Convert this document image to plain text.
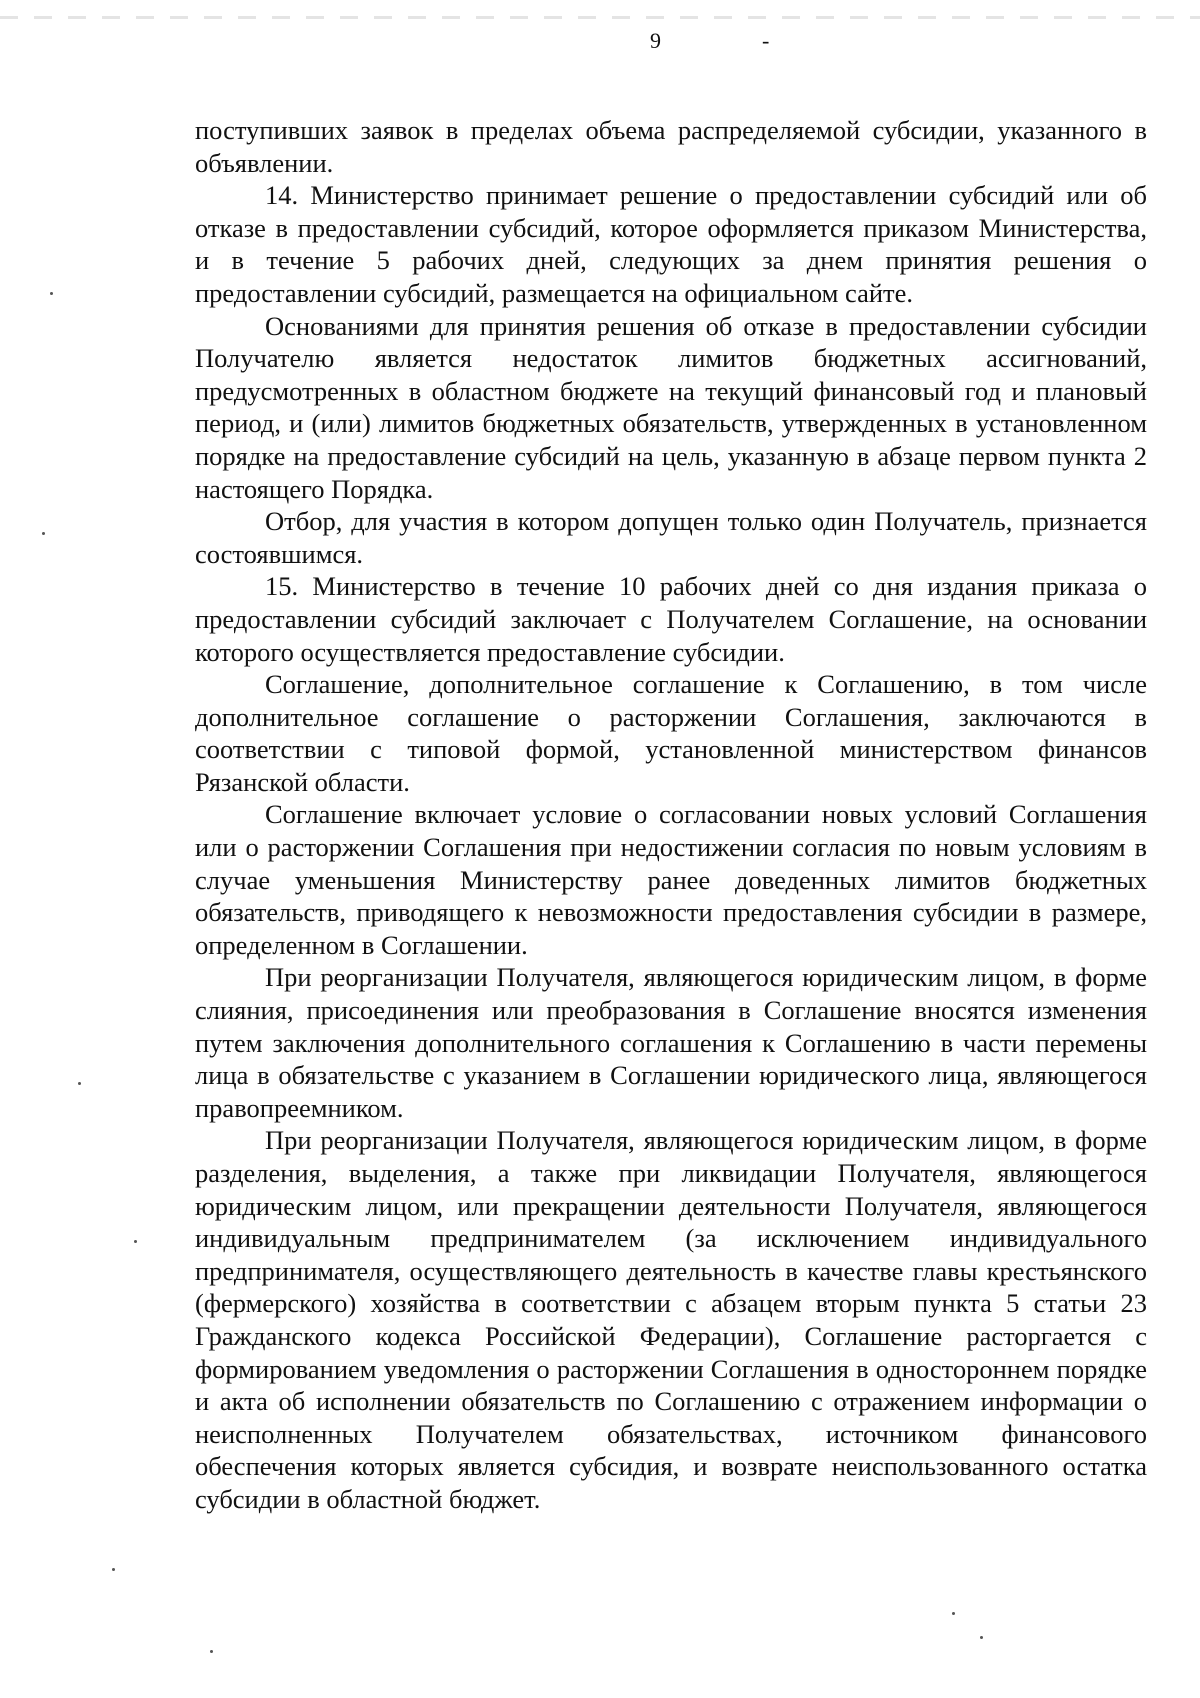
9	-

поступивших заявок в пределах объема распределяемой субсидии, указанного в объявлении.

14. Министерство принимает решение о предоставлении субсидий или об отказе в предоставлении субсидий, которое оформляется приказом Министерства, и в течение 5 рабочих дней, следующих за днем принятия решения о предоставлении субсидий, размещается на официальном сайте.

Основаниями для принятия решения об отказе в предоставлении субсидии Получателю является недостаток лимитов бюджетных ассигнований, предусмотренных в областном бюджете на текущий финансовый год и плановый период, и (или) лимитов бюджетных обязательств, утвержденных в установленном порядке на предоставление субсидий на цель, указанную в абзаце первом пункта 2 настоящего Порядка.

Отбор, для участия в котором допущен только один Получатель, признается состоявшимся.

15. Министерство в течение 10 рабочих дней со дня издания приказа о предоставлении субсидий заключает с Получателем Соглашение, на основании которого осуществляется предоставление субсидии.

Соглашение, дополнительное соглашение к Соглашению, в том числе дополнительное соглашение о расторжении Соглашения, заключаются в соответствии с типовой формой, установленной министерством финансов Рязанской области.

Соглашение включает условие о согласовании новых условий Соглашения или о расторжении Соглашения при недостижении согласия по новым условиям в случае уменьшения Министерству ранее доведенных лимитов бюджетных обязательств, приводящего к невозможности предоставления субсидии в размере, определенном в Соглашении.

При реорганизации Получателя, являющегося юридическим лицом, в форме слияния, присоединения или преобразования в Соглашение вносятся изменения путем заключения дополнительного соглашения к Соглашению в части перемены лица в обязательстве с указанием в Соглашении юридического лица, являющегося правопреемником.

При реорганизации Получателя, являющегося юридическим лицом, в форме разделения, выделения, а также при ликвидации Получателя, являющегося юридическим лицом, или прекращении деятельности Получателя, являющегося индивидуальным предпринимателем (за исключением индивидуального предпринимателя, осуществляющего деятельность в качестве главы крестьянского (фермерского) хозяйства в соответствии с абзацем вторым пункта 5 статьи 23 Гражданского кодекса Российской Федерации), Соглашение расторгается с формированием уведомления о расторжении Соглашения в одностороннем порядке и акта об исполнении обязательств по Соглашению с отражением информации о неисполненных Получателем обязательствах, источником финансового обеспечения которых является субсидия, и возврате неиспользованного остатка субсидии в областной бюджет.
